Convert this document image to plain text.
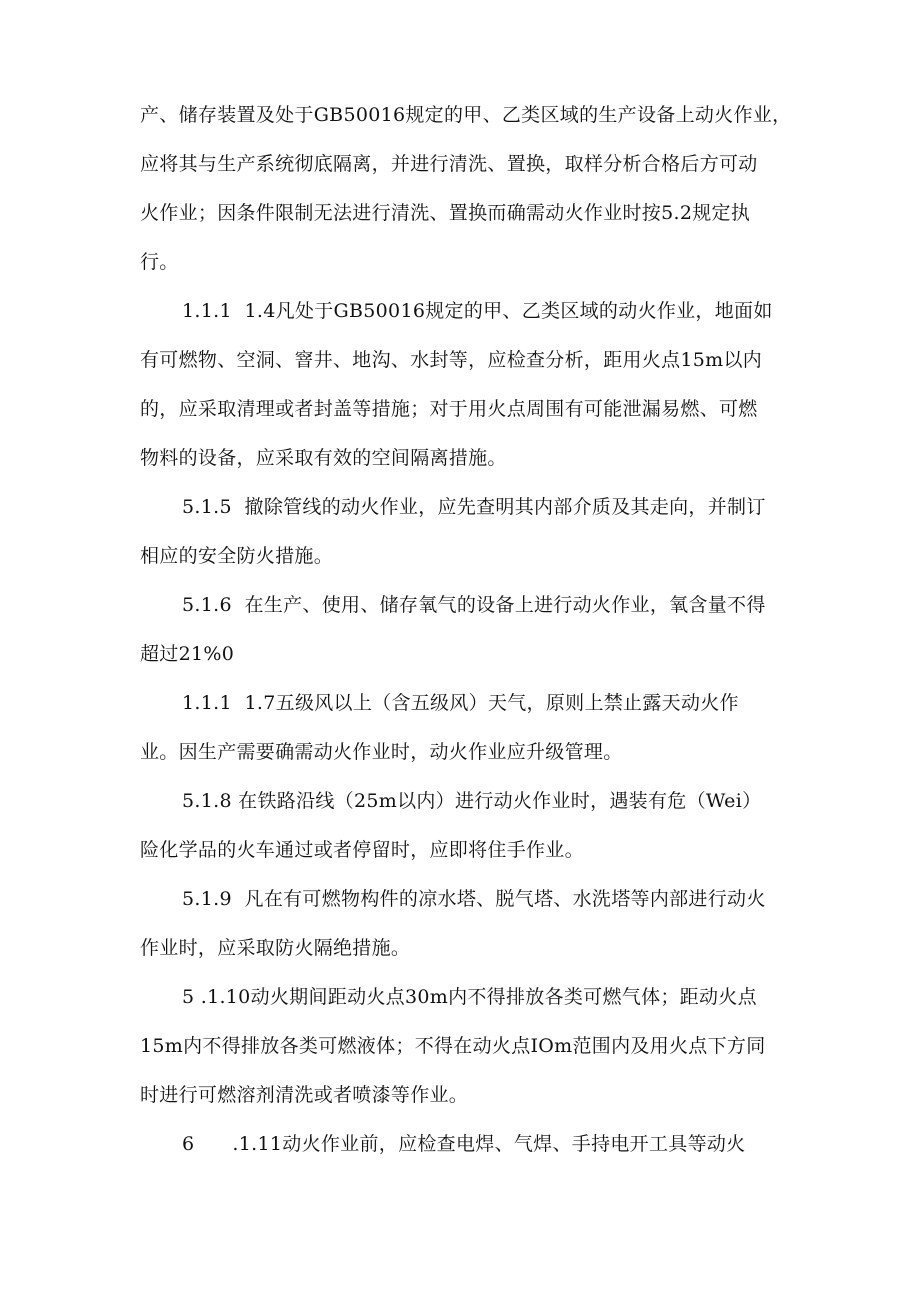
产、储存装置及处于GB50016规定的甲、乙类区域的生产设备上动火作业，
应将其与生产系统彻底隔离，并进行清洗、置换，取样分析合格后方可动
火作业；因条件限制无法进行清洗、置换而确需动火作业时按5.2规定执
行。
1.1.1  1.4凡处于GB50016规定的甲、乙类区域的动火作业，地面如
有可燃物、空洞、窨井、地沟、水封等，应检查分析，距用火点15m以内
的，应采取清理或者封盖等措施；对于用火点周围有可能泄漏易燃、可燃
物料的设备，应采取有效的空间隔离措施。
5.1.5  撤除管线的动火作业，应先查明其内部介质及其走向，并制订
相应的安全防火措施。
5.1.6  在生产、使用、储存氧气的设备上进行动火作业，氧含量不得
超过21%0
1.1.1  1.7五级风以上（含五级风）天气，原则上禁止露天动火作
业。因生产需要确需动火作业时，动火作业应升级管理。
5.1.8 在铁路沿线（25m以内）进行动火作业时，遇装有危（Wei）
险化学品的火车通过或者停留时，应即将住手作业。
5.1.9  凡在有可燃物构件的凉水塔、脱气塔、水洗塔等内部进行动火
作业时，应采取防火隔绝措施。
5 .1.10动火期间距动火点30m内不得排放各类可燃气体；距动火点
15m内不得排放各类可燃液体；不得在动火点IOm范围内及用火点下方同
时进行可燃溶剂清洗或者喷漆等作业。
6      .1.11动火作业前，应检查电焊、气焊、手持电开工具等动火
